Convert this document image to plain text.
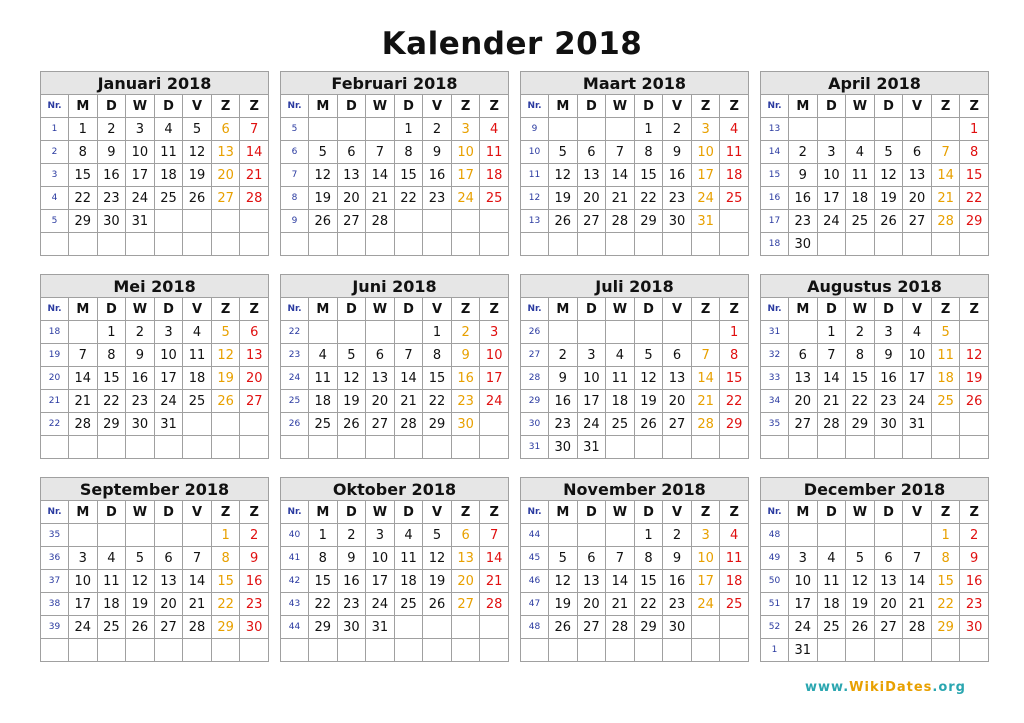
Kalender 2018
Januari 2018							
Nr.	M	D	W	D	V	Z	Z
1	1	2	3	4	5	6	7
2	8	9	10	11	12	13	14
3	15	16	17	18	19	20	21
4	22	23	24	25	26	27	28
5	29	30	31				

Februari 2018							
Nr.	M	D	W	D	V	Z	Z
5				1	2	3	4
6	5	6	7	8	9	10	11
7	12	13	14	15	16	17	18
8	19	20	21	22	23	24	25
9	26	27	28				

Maart 2018							
Nr.	M	D	W	D	V	Z	Z
9				1	2	3	4
10	5	6	7	8	9	10	11
11	12	13	14	15	16	17	18
12	19	20	21	22	23	24	25
13	26	27	28	29	30	31	

April 2018							
Nr.	M	D	W	D	V	Z	Z
13							1
14	2	3	4	5	6	7	8
15	9	10	11	12	13	14	15
16	16	17	18	19	20	21	22
17	23	24	25	26	27	28	29
18	30						
Mei 2018							
Nr.	M	D	W	D	V	Z	Z
18		1	2	3	4	5	6
19	7	8	9	10	11	12	13
20	14	15	16	17	18	19	20
21	21	22	23	24	25	26	27
22	28	29	30	31			

Juni 2018							
Nr.	M	D	W	D	V	Z	Z
22					1	2	3
23	4	5	6	7	8	9	10
24	11	12	13	14	15	16	17
25	18	19	20	21	22	23	24
26	25	26	27	28	29	30	

Juli 2018							
Nr.	M	D	W	D	V	Z	Z
26							1
27	2	3	4	5	6	7	8
28	9	10	11	12	13	14	15
29	16	17	18	19	20	21	22
30	23	24	25	26	27	28	29
31	30	31					
Augustus 2018							
Nr.	M	D	W	D	V	Z	Z
31		1	2	3	4	5	
32	6	7	8	9	10	11	12
33	13	14	15	16	17	18	19
34	20	21	22	23	24	25	26
35	27	28	29	30	31		

September 2018							
Nr.	M	D	W	D	V	Z	Z
35						1	2
36	3	4	5	6	7	8	9
37	10	11	12	13	14	15	16
38	17	18	19	20	21	22	23
39	24	25	26	27	28	29	30

Oktober 2018							
Nr.	M	D	W	D	V	Z	Z
40	1	2	3	4	5	6	7
41	8	9	10	11	12	13	14
42	15	16	17	18	19	20	21
43	22	23	24	25	26	27	28
44	29	30	31				

November 2018							
Nr.	M	D	W	D	V	Z	Z
44				1	2	3	4
45	5	6	7	8	9	10	11
46	12	13	14	15	16	17	18
47	19	20	21	22	23	24	25
48	26	27	28	29	30		

December 2018							
Nr.	M	D	W	D	V	Z	Z
48						1	2
49	3	4	5	6	7	8	9
50	10	11	12	13	14	15	16
51	17	18	19	20	21	22	23
52	24	25	26	27	28	29	30
1	31						
www.WikiDates.org
